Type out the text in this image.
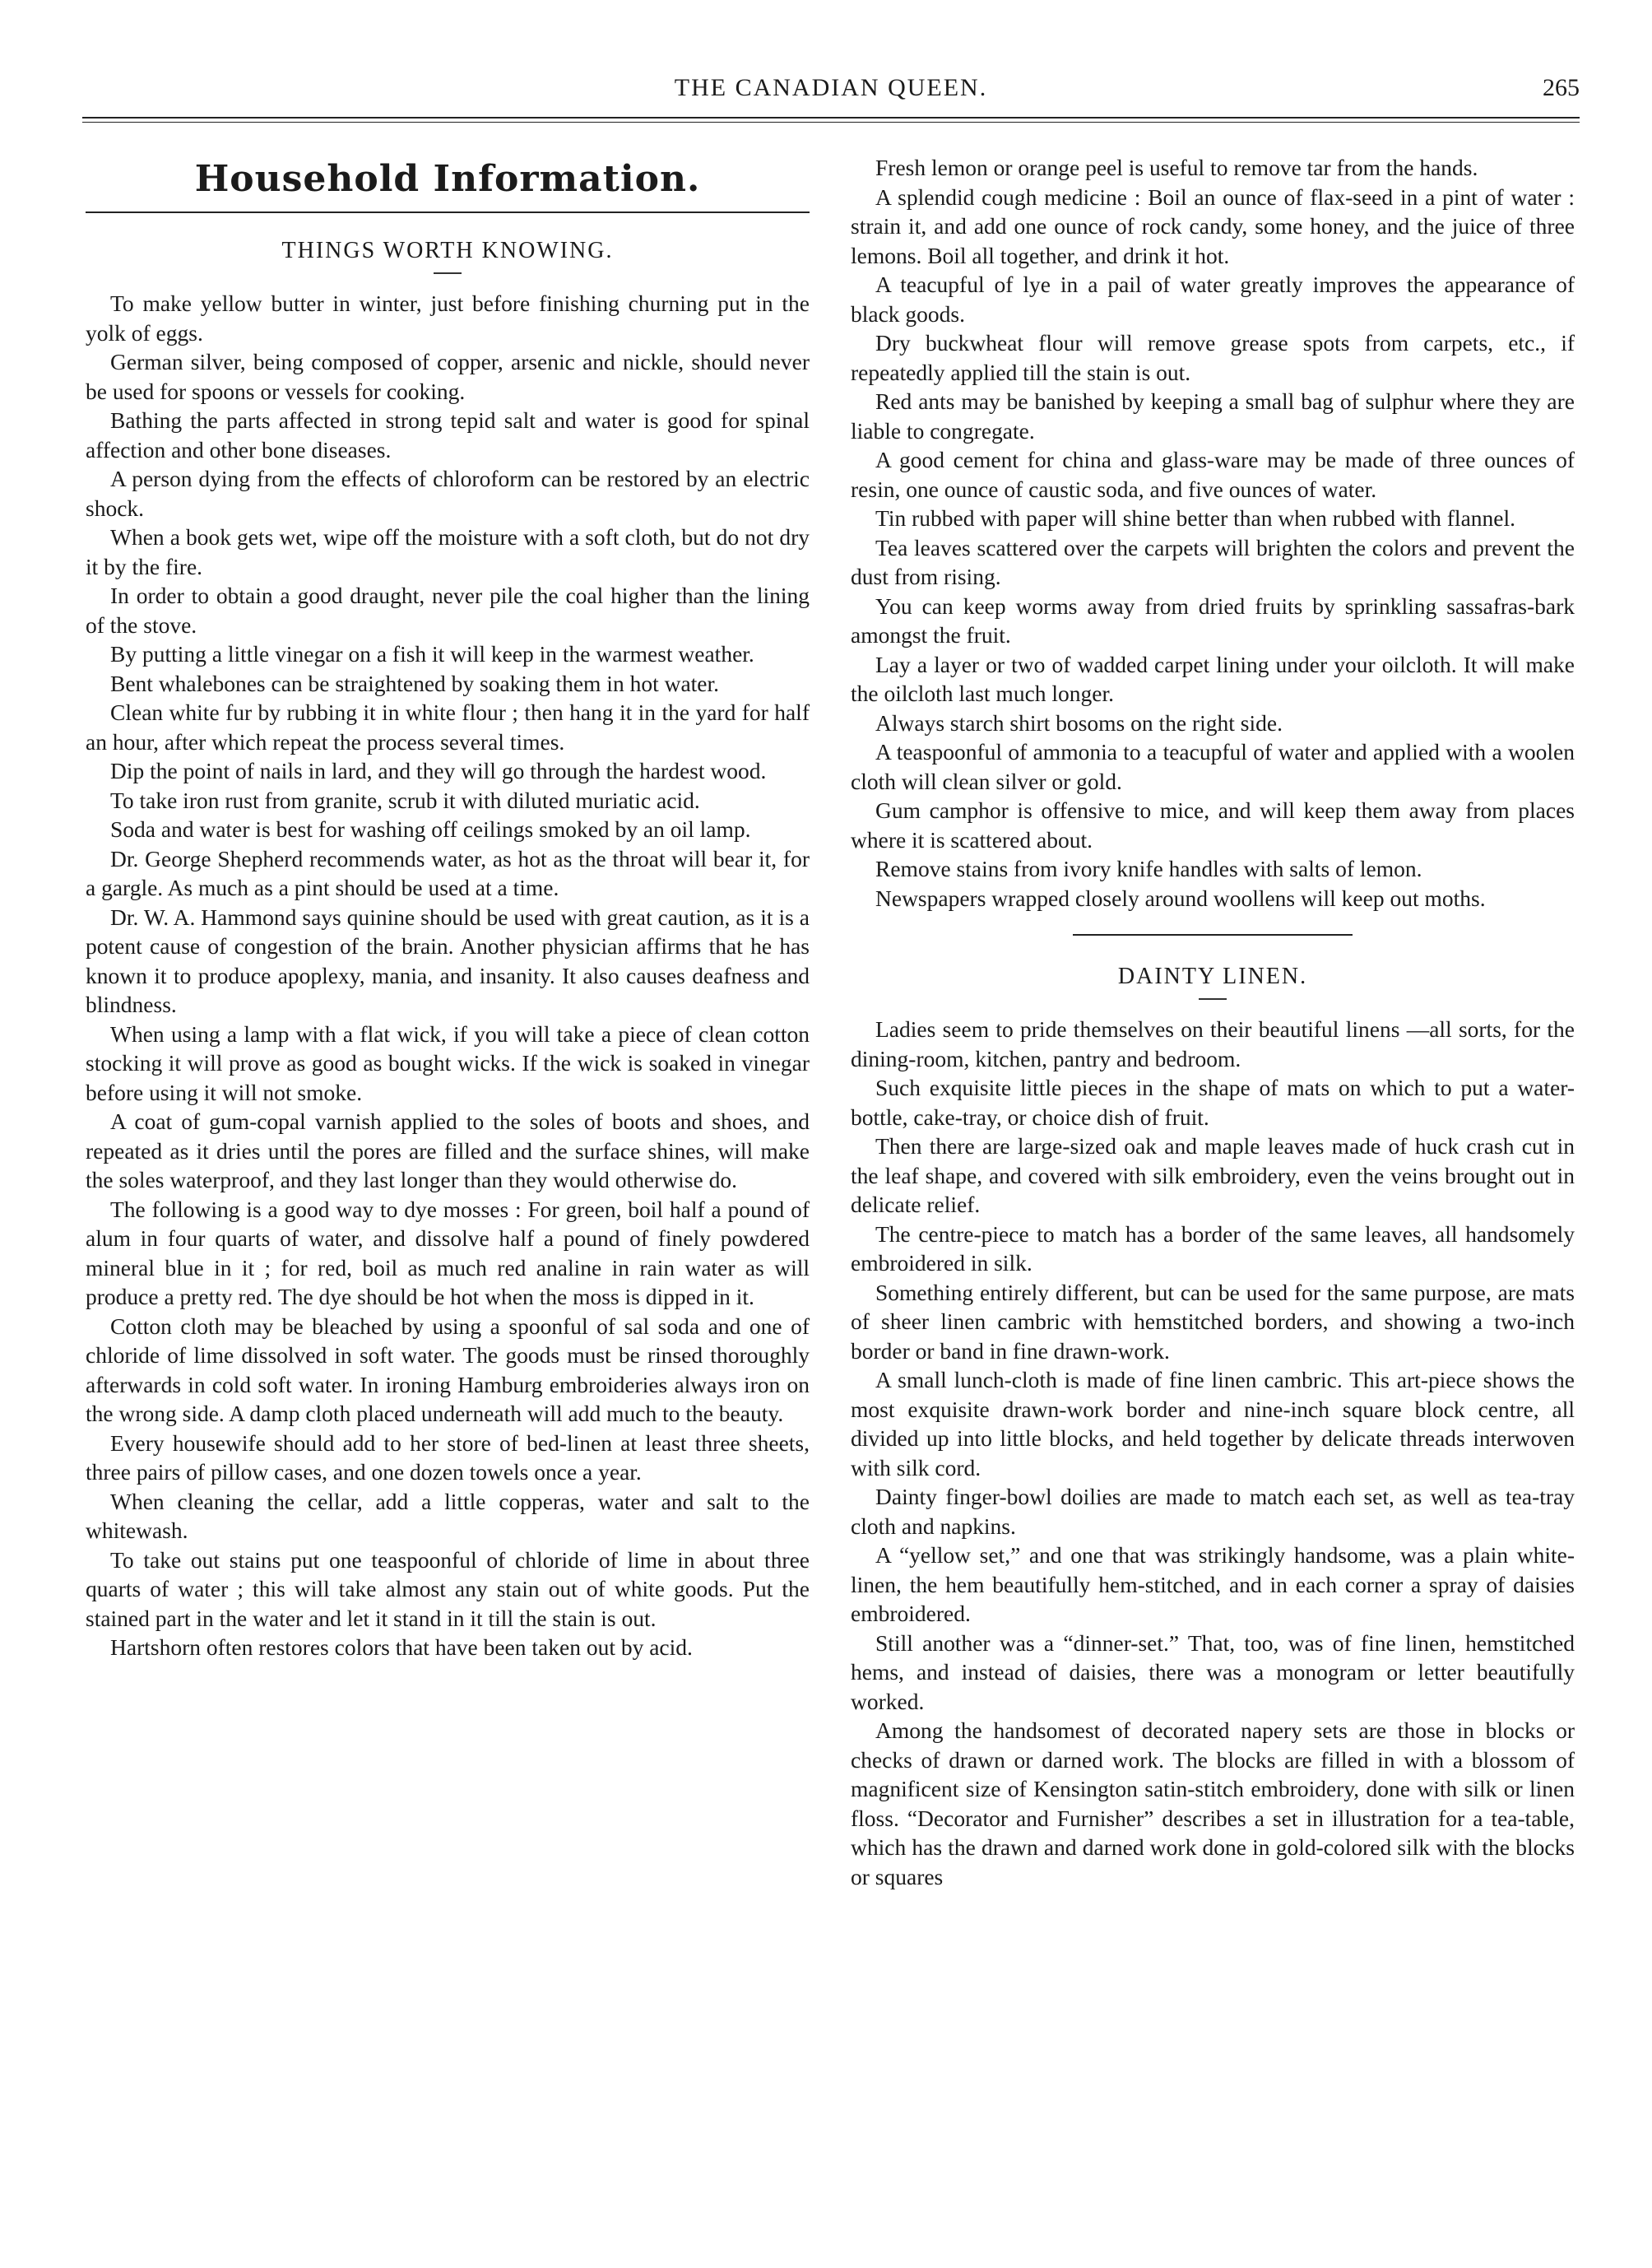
THE CANADIAN QUEEN.	265
Household Information.
THINGS WORTH KNOWING.

To make yellow butter in winter, just before finishing churning put in the yolk of eggs.

German silver, being composed of copper, arsenic and nickle, should never be used for spoons or vessels for cooking.

Bathing the parts affected in strong tepid salt and water is good for spinal affection and other bone diseases.

A person dying from the effects of chloroform can be restored by an electric shock.

When a book gets wet, wipe off the moisture with a soft cloth, but do not dry it by the fire.

In order to obtain a good draught, never pile the coal higher than the lining of the stove.

By putting a little vinegar on a fish it will keep in the warmest weather.

Bent whalebones can be straightened by soaking them in hot water.

Clean white fur by rubbing it in white flour ; then hang it in the yard for half an hour, after which repeat the process several times.

Dip the point of nails in lard, and they will go through the hardest wood.

To take iron rust from granite, scrub it with diluted muriatic acid.

Soda and water is best for washing off ceilings smoked by an oil lamp.

Dr. George Shepherd recommends water, as hot as the throat will bear it, for a gargle. As much as a pint should be used at a time.

Dr. W. A. Hammond says quinine should be used with great caution, as it is a potent cause of congestion of the brain. Another physician affirms that he has known it to produce apoplexy, mania, and insanity. It also causes deafness and blindness.

When using a lamp with a flat wick, if you will take a piece of clean cotton stocking it will prove as good as bought wicks. If the wick is soaked in vinegar before using it will not smoke.

A coat of gum-copal varnish applied to the soles of boots and shoes, and repeated as it dries until the pores are filled and the surface shines, will make the soles waterproof, and they last longer than they would otherwise do.

The following is a good way to dye mosses : For green, boil half a pound of alum in four quarts of water, and dissolve half a pound of finely powdered mineral blue in it ; for red, boil as much red analine in rain water as will produce a pretty red. The dye should be hot when the moss is dipped in it.

Cotton cloth may be bleached by using a spoonful of sal soda and one of chloride of lime dissolved in soft water. The goods must be rinsed thoroughly afterwards in cold soft water. In ironing Hamburg embroideries always iron on the wrong side. A damp cloth placed underneath will add much to the beauty.

Every housewife should add to her store of bed-linen at least three sheets, three pairs of pillow cases, and one dozen towels once a year.

When cleaning the cellar, add a little copperas, water and salt to the whitewash.

To take out stains put one teaspoonful of chloride of lime in about three quarts of water ; this will take almost any stain out of white goods. Put the stained part in the water and let it stand in it till the stain is out.

Hartshorn often restores colors that have been taken out by acid.

Fresh lemon or orange peel is useful to remove tar from the hands.

A splendid cough medicine : Boil an ounce of flax-seed in a pint of water : strain it, and add one ounce of rock candy, some honey, and the juice of three lemons. Boil all together, and drink it hot.

A teacupful of lye in a pail of water greatly improves the appearance of black goods.

Dry buckwheat flour will remove grease spots from carpets, etc., if repeatedly applied till the stain is out.

Red ants may be banished by keeping a small bag of sulphur where they are liable to congregate.

A good cement for china and glass-ware may be made of three ounces of resin, one ounce of caustic soda, and five ounces of water.

Tin rubbed with paper will shine better than when rubbed with flannel.

Tea leaves scattered over the carpets will brighten the colors and prevent the dust from rising.

You can keep worms away from dried fruits by sprinkling sassafras-bark amongst the fruit.

Lay a layer or two of wadded carpet lining under your oilcloth. It will make the oilcloth last much longer.

Always starch shirt bosoms on the right side.

A teaspoonful of ammonia to a teacupful of water and applied with a woolen cloth will clean silver or gold.

Gum camphor is offensive to mice, and will keep them away from places where it is scattered about.

Remove stains from ivory knife handles with salts of lemon.

Newspapers wrapped closely around woollens will keep out moths.

DAINTY LINEN.

Ladies seem to pride themselves on their beautiful linens —all sorts, for the dining-room, kitchen, pantry and bedroom.

Such exquisite little pieces in the shape of mats on which to put a water-bottle, cake-tray, or choice dish of fruit.

Then there are large-sized oak and maple leaves made of huck crash cut in the leaf shape, and covered with silk embroidery, even the veins brought out in delicate relief.

The centre-piece to match has a border of the same leaves, all handsomely embroidered in silk.

Something entirely different, but can be used for the same purpose, are mats of sheer linen cambric with hemstitched borders, and showing a two-inch border or band in fine drawn-work.

A small lunch-cloth is made of fine linen cambric. This art-piece shows the most exquisite drawn-work border and nine-inch square block centre, all divided up into little blocks, and held together by delicate threads interwoven with silk cord.

Dainty finger-bowl doilies are made to match each set, as well as tea-tray cloth and napkins.

A “yellow set,” and one that was strikingly handsome, was a plain white-linen, the hem beautifully hem-stitched, and in each corner a spray of daisies embroidered.

Still another was a “dinner-set.” That, too, was of fine linen, hemstitched hems, and instead of daisies, there was a monogram or letter beautifully worked.

Among the handsomest of decorated napery sets are those in blocks or checks of drawn or darned work. The blocks are filled in with a blossom of magnificent size of Kensington satin-stitch embroidery, done with silk or linen floss. “Decorator and Furnisher” describes a set in illustration for a tea-table, which has the drawn and darned work done in gold-colored silk with the blocks or squares
